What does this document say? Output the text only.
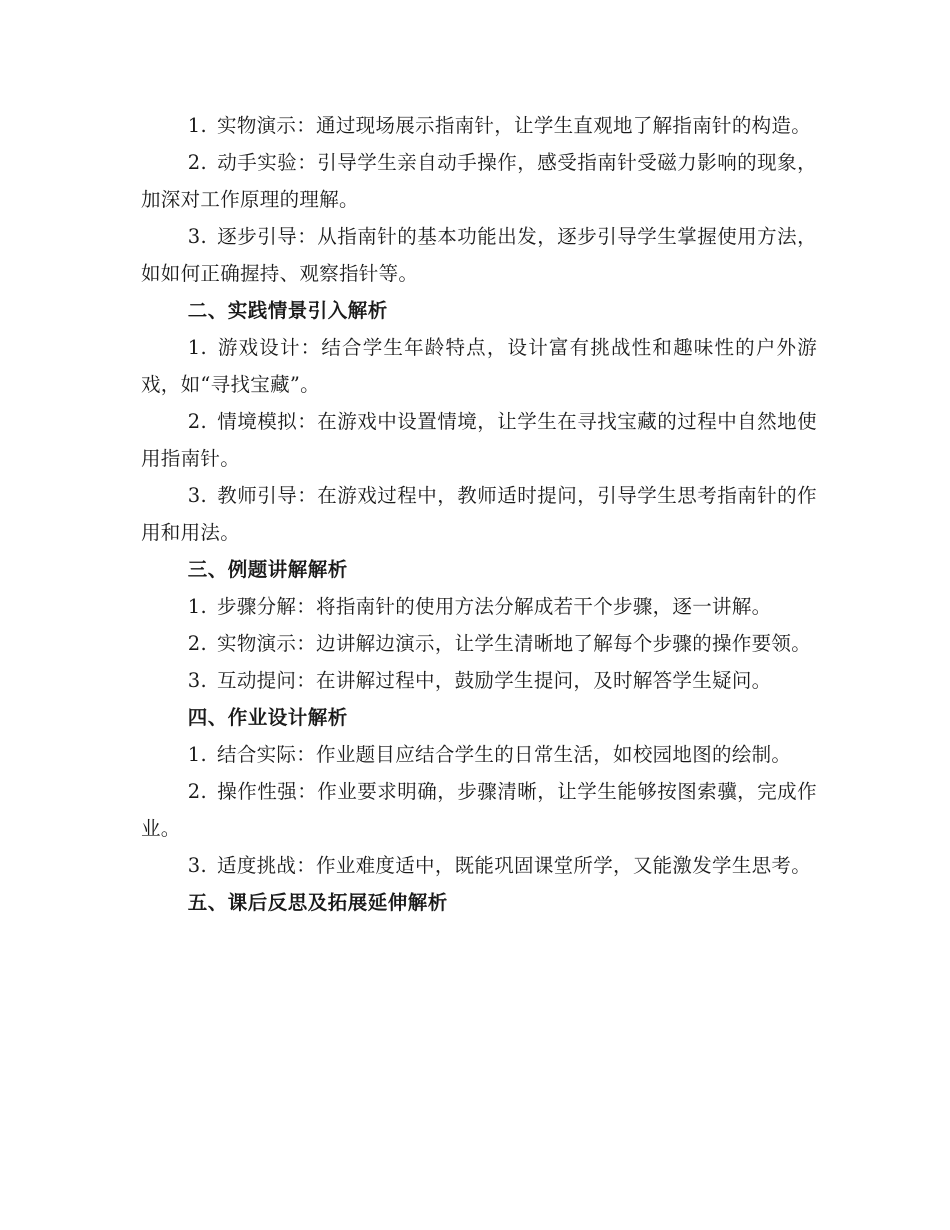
1. 实物演示：通过现场展示指南针，让学生直观地了解指南针的构造。

2. 动手实验：引导学生亲自动手操作，感受指南针受磁力影响的现象，加深对工作原理的理解。

3. 逐步引导：从指南针的基本功能出发，逐步引导学生掌握使用方法，如如何正确握持、观察指针等。

二、实践情景引入解析

1. 游戏设计：结合学生年龄特点，设计富有挑战性和趣味性的户外游戏，如“寻找宝藏”。

2. 情境模拟：在游戏中设置情境，让学生在寻找宝藏的过程中自然地使用指南针。

3. 教师引导：在游戏过程中，教师适时提问，引导学生思考指南针的作用和用法。

三、例题讲解解析

1. 步骤分解：将指南针的使用方法分解成若干个步骤，逐一讲解。

2. 实物演示：边讲解边演示，让学生清晰地了解每个步骤的操作要领。

3. 互动提问：在讲解过程中，鼓励学生提问，及时解答学生疑问。

四、作业设计解析

1. 结合实际：作业题目应结合学生的日常生活，如校园地图的绘制。

2. 操作性强：作业要求明确，步骤清晰，让学生能够按图索骥，完成作业。

3. 适度挑战：作业难度适中，既能巩固课堂所学，又能激发学生思考。

五、课后反思及拓展延伸解析
